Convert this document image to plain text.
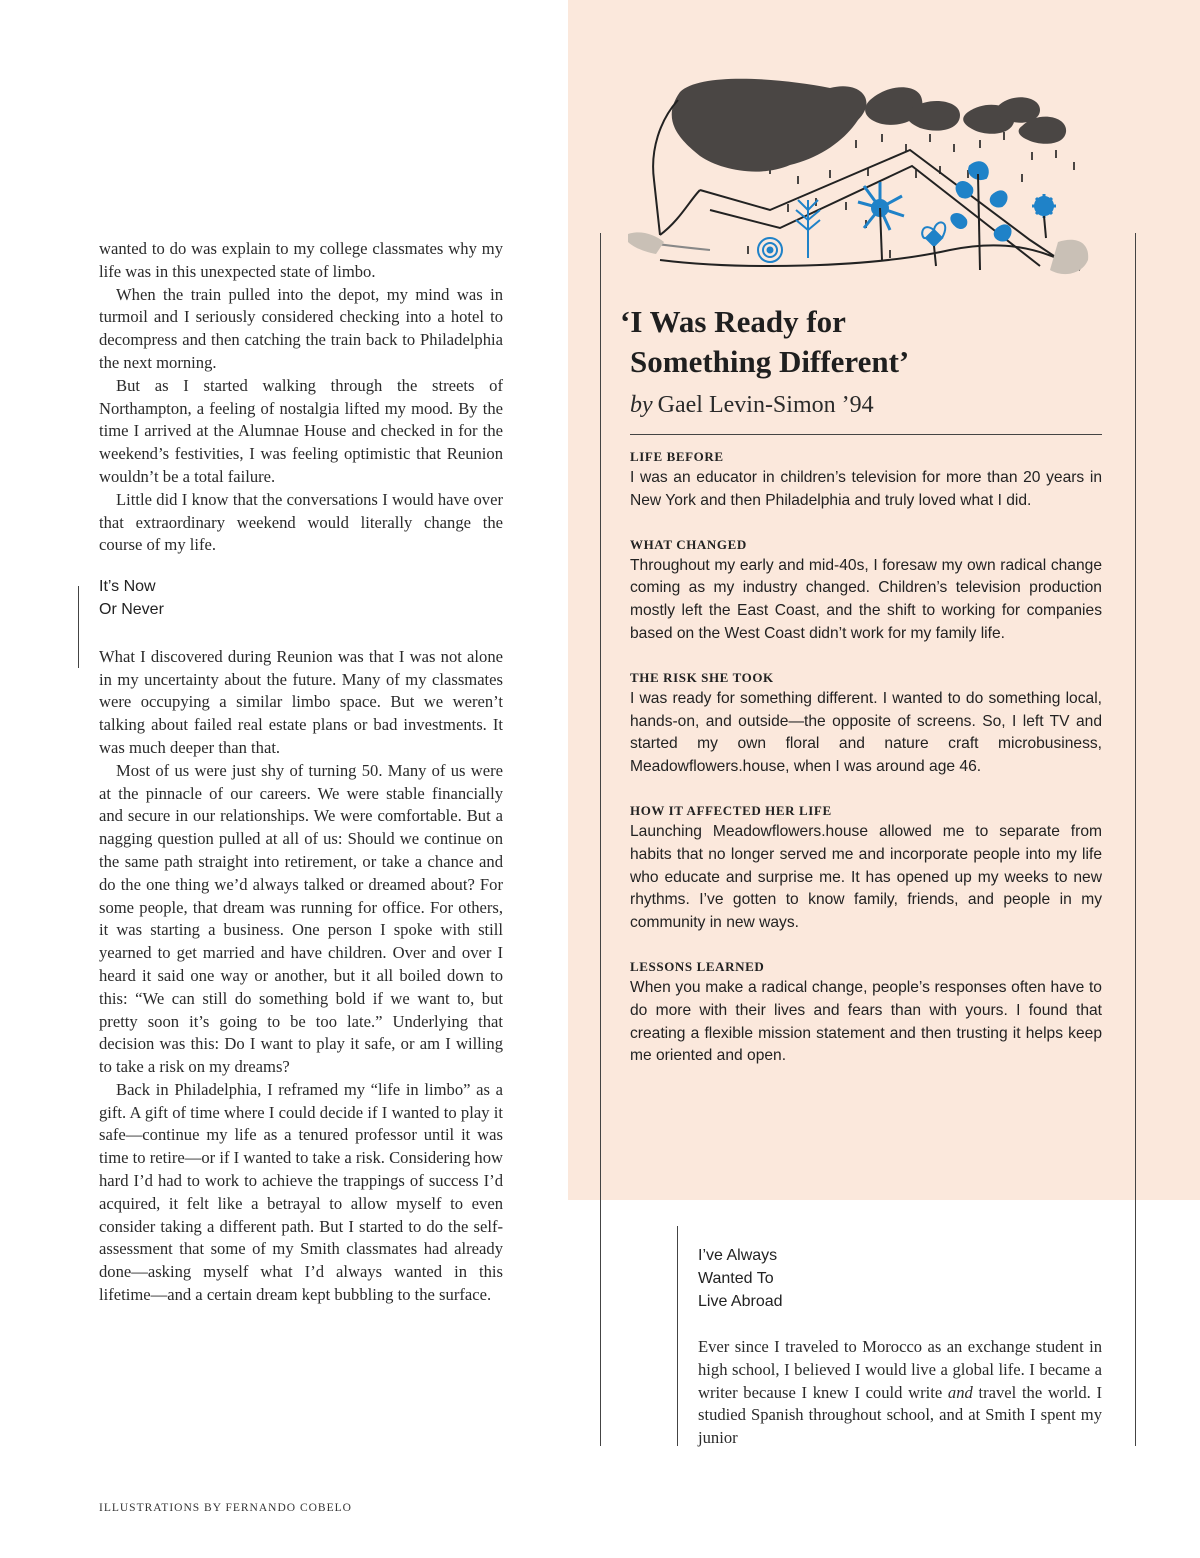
wanted to do was explain to my college classmates why my life was in this unexpected state of limbo.

When the train pulled into the depot, my mind was in turmoil and I seriously considered checking into a hotel to decompress and then catching the train back to Philadelphia the next morning.

But as I started walking through the streets of Northampton, a feeling of nostalgia lifted my mood. By the time I arrived at the Alumnae House and checked in for the weekend’s festivities, I was feeling optimistic that Reunion wouldn’t be a total failure.

Little did I know that the conversations I would have over that extraordinary weekend would literally change the course of my life.

It’s Now
Or Never

What I discovered during Reunion was that I was not alone in my uncertainty about the future. Many of my classmates were occupying a similar limbo space. But we weren’t talking about failed real estate plans or bad investments. It was much deeper than that.

Most of us were just shy of turning 50. Many of us were at the pinnacle of our careers. We were stable financially and secure in our relationships. We were comfortable. But a nagging question pulled at all of us: Should we continue on the same path straight into retirement, or take a chance and do the one thing we’d always talked or dreamed about? For some people, that dream was running for office. For others, it was starting a business. One person I spoke with still yearned to get married and have children. Over and over I heard it said one way or another, but it all boiled down to this: “We can still do something bold if we want to, but pretty soon it’s going to be too late.” Underlying that decision was this: Do I want to play it safe, or am I willing to take a risk on my dreams?

Back in Philadelphia, I reframed my “life in limbo” as a gift. A gift of time where I could decide if I wanted to play it safe—continue my life as a tenured professor until it was time to retire—or if I wanted to take a risk. Considering how hard I’d had to work to achieve the trappings of success I’d acquired, it felt like a betrayal to allow myself to even consider taking a different path. But I started to do the self-assessment that some of my Smith classmates had already done—asking myself what I’d always wanted in this lifetime—and a certain dream kept bubbling to the surface.

‘I Was Ready for
Something Different’
by Gael Levin-Simon ’94

LIFE BEFORE

I was an educator in children’s television for more than 20 years in New York and then Philadelphia and truly loved what I did.

WHAT CHANGED

Throughout my early and mid-40s, I foresaw my own radical change coming as my industry changed. Children’s television production mostly left the East Coast, and the shift to working for companies based on the West Coast didn’t work for my family life.

THE RISK SHE TOOK

I was ready for something different. I wanted to do something local, hands-on, and outside—the opposite of screens. So, I left TV and started my own floral and nature craft microbusiness, Meadowflowers.house, when I was around age 46.

HOW IT AFFECTED HER LIFE

Launching Meadowflowers.house allowed me to separate from habits that no longer served me and incorporate people into my life who educate and surprise me. It has opened up my weeks to new rhythms. I’ve gotten to know family, friends, and people in my community in new ways.

LESSONS LEARNED

When you make a radical change, people’s responses often have to do more with their lives and fears than with yours. I found that creating a flexible mission statement and then trusting it helps keep me oriented and open.

I’ve Always
Wanted To
Live Abroad

Ever since I traveled to Morocco as an exchange student in high school, I believed I would live a global life. I became a writer because I knew I could write and travel the world. I studied Spanish throughout school, and at Smith I spent my junior

ILLUSTRATIONS BY FERNANDO COBELO
